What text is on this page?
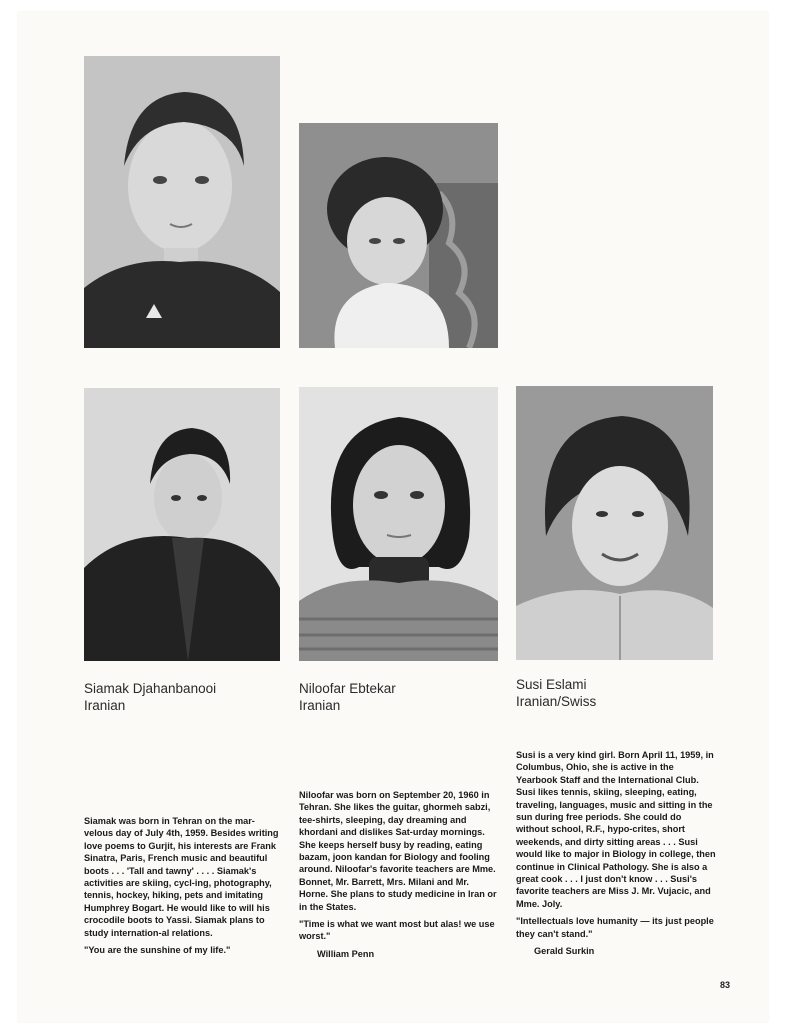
Siamak Djahanbanooi
Iranian
Niloofar Ebtekar
Iranian
Susi Eslami
Iranian/Swiss

Siamak was born in Tehran on the mar-velous day of July 4th, 1959. Besides writing love poems to Gurjit, his interests are Frank Sinatra, Paris, French music and beautiful boots . . . 'Tall and tawny' . . . . Siamak's activities are skiing, cycl-ing, photography, tennis, hockey, hiking, pets and imitating Humphrey Bogart. He would like to will his crocodile boots to Yassi. Siamak plans to study internation-al relations.

"You are the sunshine of my life."

Niloofar was born on September 20, 1960 in Tehran. She likes the guitar, ghormeh sabzi, tee-shirts, sleeping, day dreaming and khordani and dislikes Sat-urday mornings. She keeps herself busy by reading, eating bazam, joon kandan for Biology and fooling around. Niloofar's favorite teachers are Mme. Bonnet, Mr. Barrett, Mrs. Milani and Mr. Horne. She plans to study medicine in Iran or in the States.

"Time is what we want most but alas! we use worst."

William Penn

Susi is a very kind girl. Born April 11, 1959, in Columbus, Ohio, she is active in the Yearbook Staff and the International Club. Susi likes tennis, skiing, sleeping, eating, traveling, languages, music and sitting in the sun during free periods. She could do without school, R.F., hypo-crites, short weekends, and dirty sitting areas . . . Susi would like to major in Biology in college, then continue in Clinical Pathology. She is also a great cook . . . I just don't know . . . Susi's favorite teachers are Miss J. Mr. Vujacic, and Mme. Joly.

"Intellectuals love humanity — its just people they can't stand."

Gerald Surkin
83
